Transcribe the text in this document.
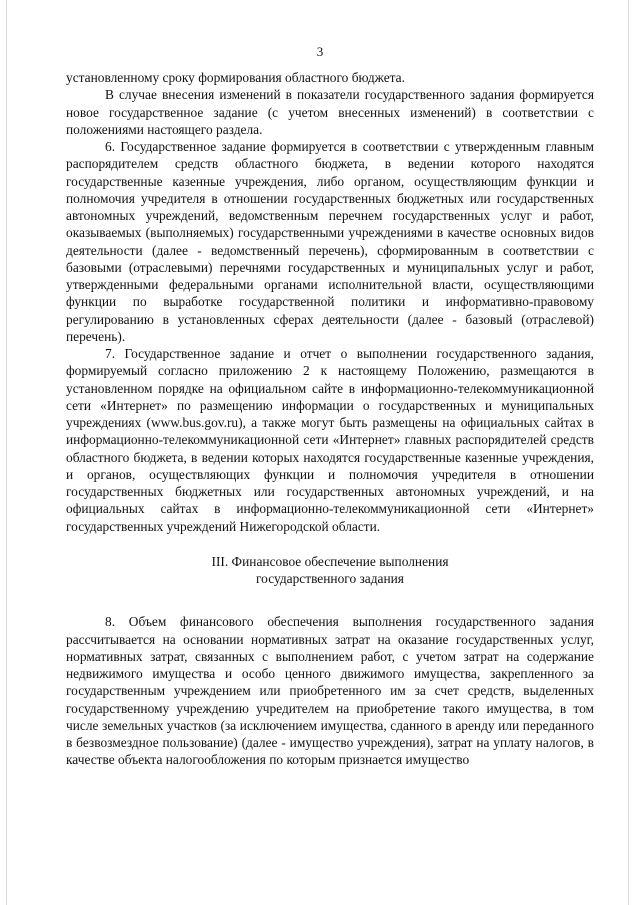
3

установленному сроку формирования областного бюджета.

В случае внесения изменений в показатели государственного задания формируется новое государственное задание (с учетом внесенных изменений) в соответствии с положениями настоящего раздела.

6. Государственное задание формируется в соответствии с утвержденным главным распорядителем средств областного бюджета, в ведении которого находятся государственные казенные учреждения, либо органом, осуществляющим функции и полномочия учредителя в отношении государственных бюджетных или государственных автономных учреждений, ведомственным перечнем государственных услуг и работ, оказываемых (выполняемых) государственными учреждениями в качестве основных видов деятельности (далее - ведомственный перечень), сформированным в соответствии с базовыми (отраслевыми) перечнями государственных и муниципальных услуг и работ, утвержденными федеральными органами исполнительной власти, осуществляющими функции по выработке государственной политики и информативно-правовому регулированию в установленных сферах деятельности (далее - базовый (отраслевой) перечень).

7. Государственное задание и отчет о выполнении государственного задания, формируемый согласно приложению 2 к настоящему Положению, размещаются в установленном порядке на официальном сайте в информационно-телекоммуникационной сети «Интернет» по размещению информации о государственных и муниципальных учреждениях (www.bus.gov.ru), а также могут быть размещены на официальных сайтах в информационно-телекоммуникационной сети «Интернет» главных распорядителей средств областного бюджета, в ведении которых находятся государственные казенные учреждения, и органов, осуществляющих функции и полномочия учредителя в отношении государственных бюджетных или государственных автономных учреждений, и на официальных сайтах в информационно-телекоммуникационной сети «Интернет» государственных учреждений Нижегородской области.

III. Финансовое обеспечение выполнения
государственного задания

8. Объем финансового обеспечения выполнения государственного задания рассчитывается на основании нормативных затрат на оказание государственных услуг, нормативных затрат, связанных с выполнением работ, с учетом затрат на содержание недвижимого имущества и особо ценного движимого имущества, закрепленного за государственным учреждением или приобретенного им за счет средств, выделенных государственному учреждению учредителем на приобретение такого имущества, в том числе земельных участков (за исключением имущества, сданного в аренду или переданного в безвозмездное пользование) (далее - имущество учреждения), затрат на уплату налогов, в качестве объекта налогообложения по которым признается имущество
